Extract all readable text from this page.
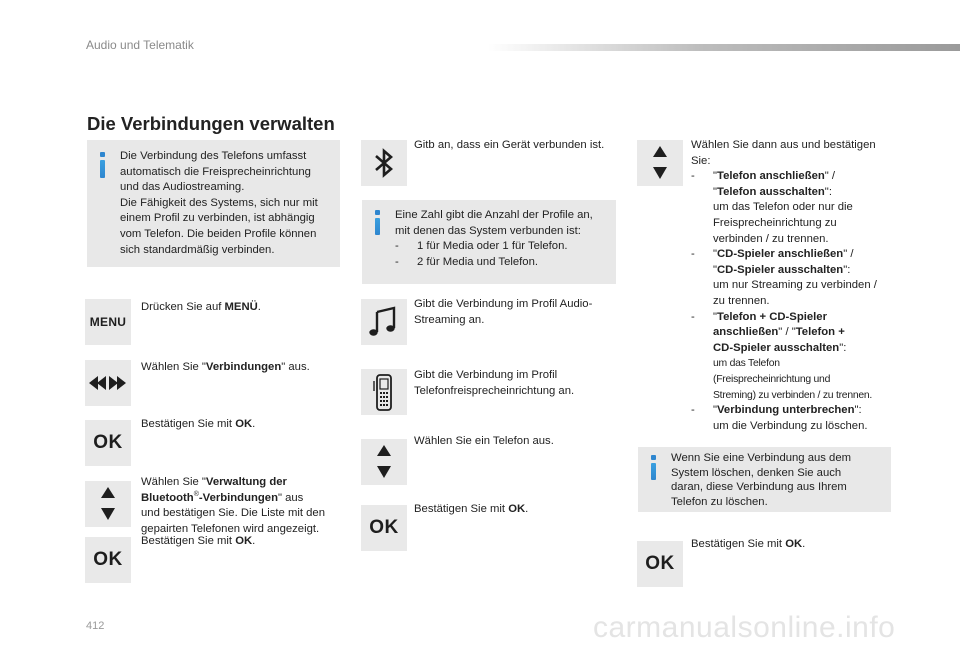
Audio und Telematik
Die Verbindungen verwalten
Die Verbindung des Telefons umfasst
automatisch die Freisprecheinrichtung
und das Audiostreaming.
Die Fähigkeit des Systems, sich nur mit
einem Profil zu verbinden, ist abhängig
vom Telefon. Die beiden Profile können
sich standardmäßig verbinden.
MENU
Drücken Sie auf MENÜ.
Wählen Sie "Verbindungen" aus.
OK
Bestätigen Sie mit OK.
Wählen Sie "Verwaltung der
Bluetooth®-Verbindungen" aus
und bestätigen Sie. Die Liste mit den
gepairten Telefonen wird angezeigt.
OK
Bestätigen Sie mit OK.
Gitb an, dass ein Gerät verbunden ist.
Eine Zahl gibt die Anzahl der Profile an,
mit denen das System verbunden ist:
- 1 für Media oder 1 für Telefon.
- 2 für Media und Telefon.
Gibt die Verbindung im Profil Audio-
Streaming an.
Gibt die Verbindung im Profil
Telefonfreisprecheinrichtung an.
Wählen Sie ein Telefon aus.
OK
Bestätigen Sie mit OK.
Wählen Sie dann aus und bestätigen
Sie:
- "Telefon anschließen" /
"Telefon ausschalten":
um das Telefon oder nur die
Freisprecheinrichtung zu
verbinden / zu trennen.
- "CD-Spieler anschließen" /
"CD-Spieler ausschalten":
um nur Streaming zu verbinden /
zu trennen.
- "Telefon + CD-Spieler
anschließen" / "Telefon +
CD-Spieler ausschalten":
um das Telefon
(Freisprecheinrichtung und
Streming) zu verbinden / zu trennen.
- "Verbindung unterbrechen":
um die Verbindung zu löschen.
Wenn Sie eine Verbindung aus dem
System löschen, denken Sie auch
daran, diese Verbindung aus Ihrem
Telefon zu löschen.
OK
Bestätigen Sie mit OK.
412	carmanualsonline.info
